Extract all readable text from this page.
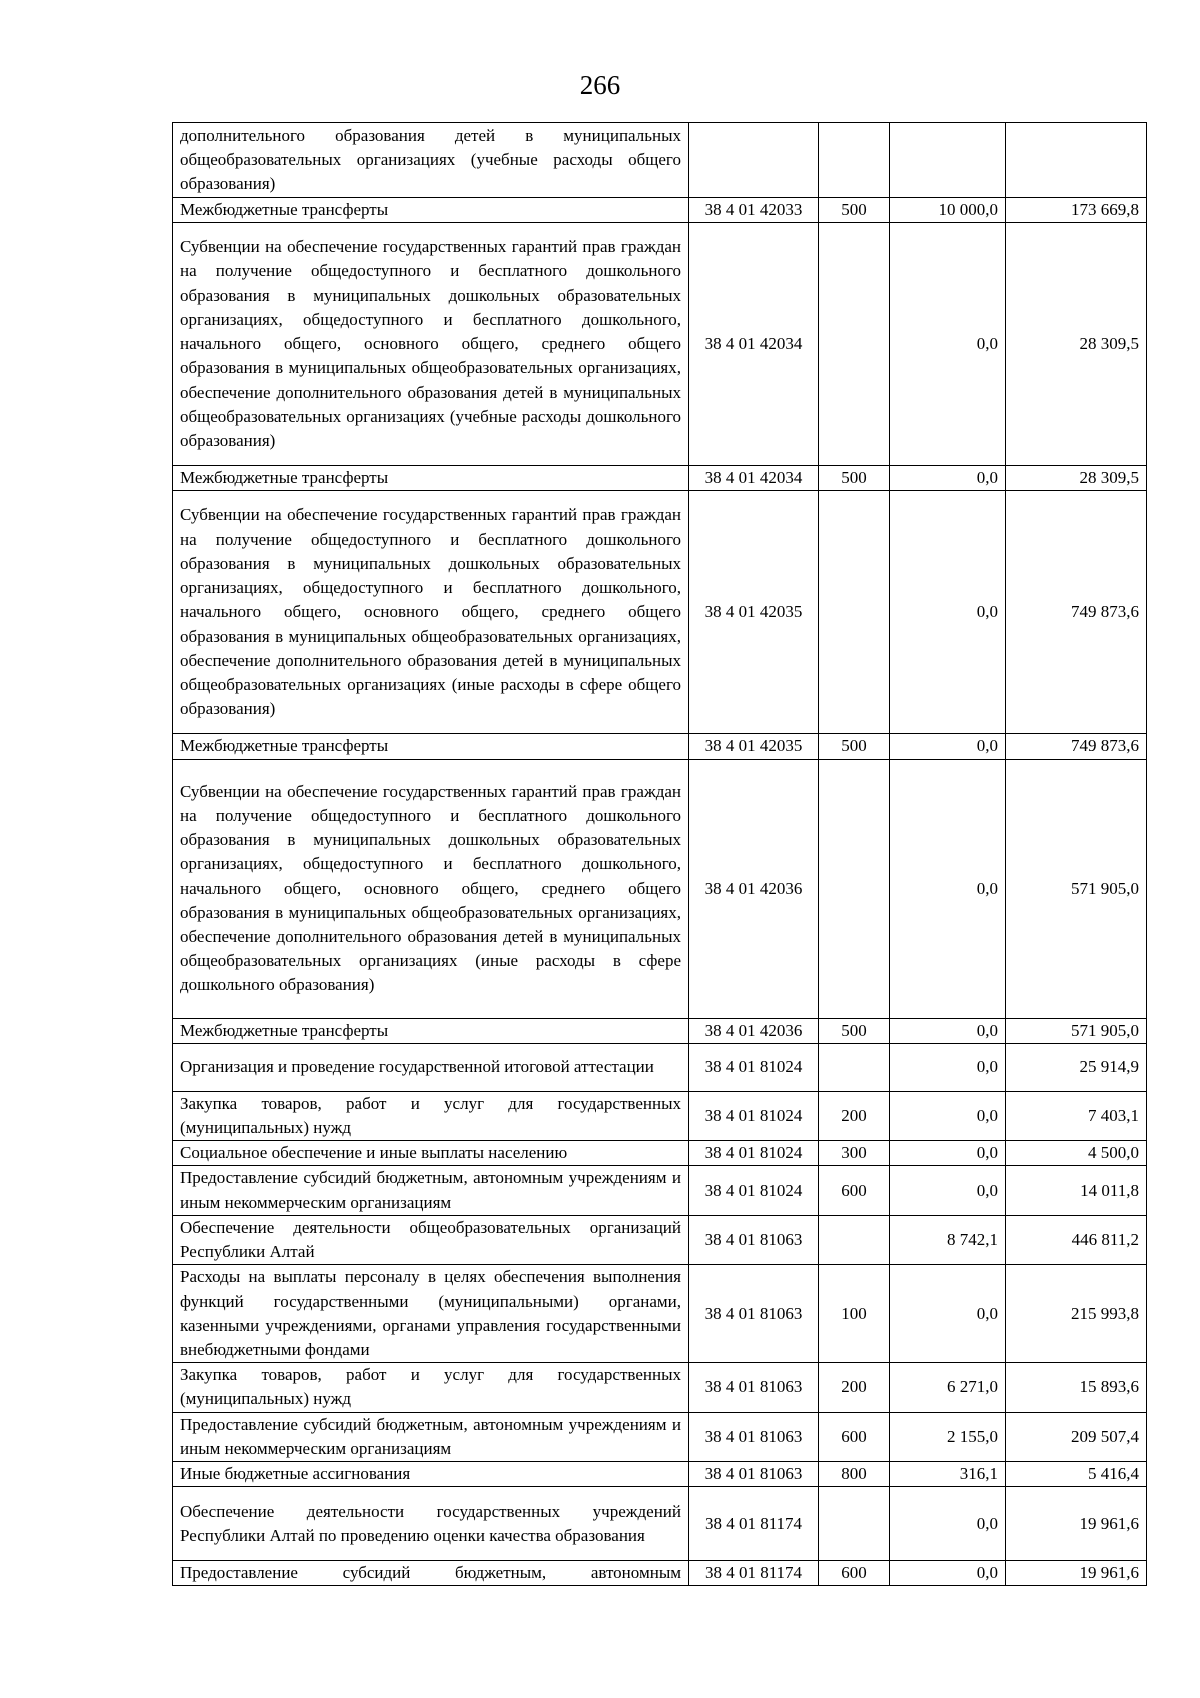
266
дополнительного образования детей в муниципальных общеобразовательных организациях (учебные расходы общего образования)				
Межбюджетные трансферты	38 4 01 42033	500	10 000,0	173 669,8
Субвенции на обеспечение государственных гарантий прав граждан на получение общедоступного и бесплатного дошкольного образования в муниципальных дошкольных образовательных организациях, общедоступного и бесплатного дошкольного, начального общего, основного общего, среднего общего образования в муниципальных общеобразовательных организациях, обеспечение дополнительного образования детей в муниципальных общеобразовательных организациях (учебные расходы дошкольного образования)	38 4 01 42034		0,0	28 309,5
Межбюджетные трансферты	38 4 01 42034	500	0,0	28 309,5
Субвенции на обеспечение государственных гарантий прав граждан на получение общедоступного и бесплатного дошкольного образования в муниципальных дошкольных образовательных организациях, общедоступного и бесплатного дошкольного, начального общего, основного общего, среднего общего образования в муниципальных общеобразовательных организациях, обеспечение дополнительного образования детей в муниципальных общеобразовательных организациях (иные расходы в сфере общего образования)	38 4 01 42035		0,0	749 873,6
Межбюджетные трансферты	38 4 01 42035	500	0,0	749 873,6
Субвенции на обеспечение государственных гарантий прав граждан на получение общедоступного и бесплатного дошкольного образования в муниципальных дошкольных образовательных организациях, общедоступного и бесплатного дошкольного, начального общего, основного общего, среднего общего образования в муниципальных общеобразовательных организациях, обеспечение дополнительного образования детей в муниципальных общеобразовательных организациях (иные расходы в сфере дошкольного образования)	38 4 01 42036		0,0	571 905,0
Межбюджетные трансферты	38 4 01 42036	500	0,0	571 905,0
Организация и проведение государственной итоговой аттестации	38 4 01 81024		0,0	25 914,9
Закупка товаров, работ и услуг для государственных (муниципальных) нужд	38 4 01 81024	200	0,0	7 403,1
Социальное обеспечение и иные выплаты населению	38 4 01 81024	300	0,0	4 500,0
Предоставление субсидий бюджетным, автономным учреждениям и иным некоммерческим организациям	38 4 01 81024	600	0,0	14 011,8
Обеспечение деятельности общеобразовательных организаций Республики Алтай	38 4 01 81063		8 742,1	446 811,2
Расходы на выплаты персоналу в целях обеспечения выполнения функций государственными (муниципальными) органами, казенными учреждениями, органами управления государственными внебюджетными фондами	38 4 01 81063	100	0,0	215 993,8
Закупка товаров, работ и услуг для государственных (муниципальных) нужд	38 4 01 81063	200	6 271,0	15 893,6
Предоставление субсидий бюджетным, автономным учреждениям и иным некоммерческим организациям	38 4 01 81063	600	2 155,0	209 507,4
Иные бюджетные ассигнования	38 4 01 81063	800	316,1	5 416,4
Обеспечение деятельности государственных учреждений Республики Алтай по проведению оценки качества образования	38 4 01 81174		0,0	19 961,6
Предоставление субсидий бюджетным, автономным	38 4 01 81174	600	0,0	19 961,6
